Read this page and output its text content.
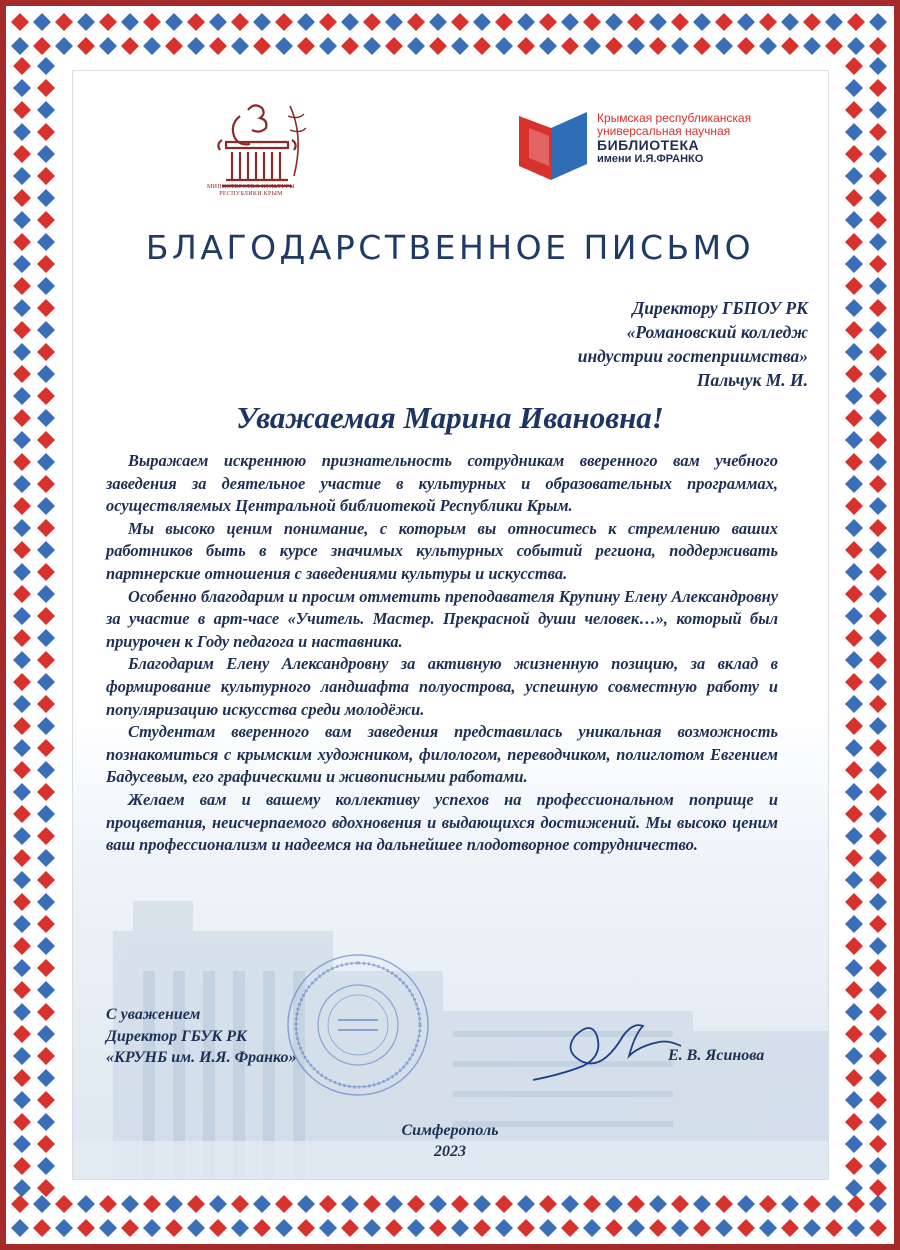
МИНИСТЕРСТВО КУЛЬТУРЫ
РЕСПУБЛИКИ КРЫМ
Крымская республиканская
универсальная научная
БИБЛИОТЕКА
имени И.Я.ФРАНКО
БЛАГОДАРСТВЕННОЕ ПИСЬМО
Директору ГБПОУ РК
«Романовский колледж
индустрии гостеприимства»
Пальчук М. И.
Уважаемая Марина Ивановна!

Выражаем искреннюю признательность сотрудникам вверенного вам учебного заведения за деятельное участие в культурных и образовательных программах, осуществляемых Центральной библиотекой Республики Крым.

Мы высоко ценим понимание, с которым вы относитесь к стремлению ваших работников быть в курсе значимых культурных событий региона, поддерживать партнерские отношения с заведениями культуры и искусства.

Особенно благодарим и просим отметить преподавателя Крупину Елену Александровну за участие в арт-часе «Учитель. Мастер. Прекрасной души человек…», который был приурочен к Году педагога и наставника.

Благодарим Елену Александровну за активную жизненную позицию, за вклад в формирование культурного ландшафта полуострова, успешную совместную работу и популяризацию искусства среди молодёжи.

Студентам вверенного вам заведения представилась уникальная возможность познакомиться с крымским художником, филологом, переводчиком, полиглотом Евгением Бадусевым, его графическими и живописными работами.

Желаем вам и вашему коллективу успехов на профессиональном поприще и процветания, неисчерпаемого вдохновения и выдающихся достижений. Мы высоко ценим ваш профессионализм и надеемся на дальнейшее плодотворное сотрудничество.

С уважением
Директор ГБУК РК
«КРУНБ им. И.Я. Франко»	Е. В. Ясинова
Симферополь
2023
